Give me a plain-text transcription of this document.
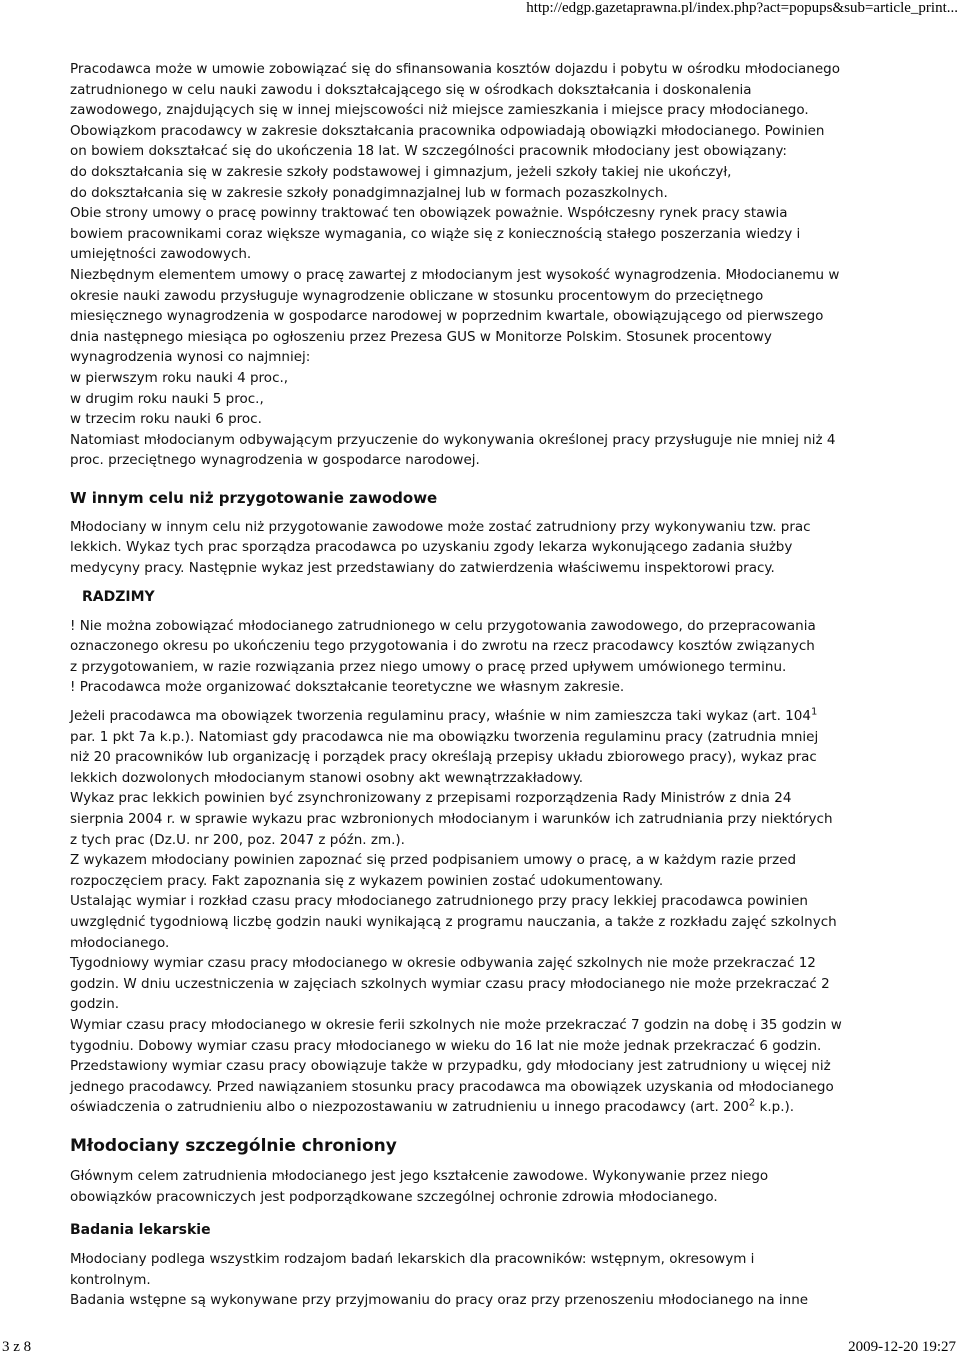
http://edgp.gazetaprawna.pl/index.php?act=popups&sub=article_print...

Pracodawca może w umowie zobowiązać się do sfinansowania kosztów dojazdu i pobytu w ośrodku młodocianego
zatrudnionego w celu nauki zawodu i dokształcającego się w ośrodkach dokształcania i doskonalenia
zawodowego, znajdujących się w innej miejscowości niż miejsce zamieszkania i miejsce pracy młodocianego.
Obowiązkom pracodawcy w zakresie dokształcania pracownika odpowiadają obowiązki młodocianego. Powinien
on bowiem dokształcać się do ukończenia 18 lat. W szczególności pracownik młodociany jest obowiązany:
do dokształcania się w zakresie szkoły podstawowej i gimnazjum, jeżeli szkoły takiej nie ukończył,
do dokształcania się w zakresie szkoły ponadgimnazjalnej lub w formach pozaszkolnych.
Obie strony umowy o pracę powinny traktować ten obowiązek poważnie. Współczesny rynek pracy stawia
bowiem pracownikami coraz większe wymagania, co wiąże się z koniecznością stałego poszerzania wiedzy i
umiejętności zawodowych.
Niezbędnym elementem umowy o pracę zawartej z młodocianym jest wysokość wynagrodzenia. Młodocianemu w
okresie nauki zawodu przysługuje wynagrodzenie obliczane w stosunku procentowym do przeciętnego
miesięcznego wynagrodzenia w gospodarce narodowej w poprzednim kwartale, obowiązującego od pierwszego
dnia następnego miesiąca po ogłoszeniu przez Prezesa GUS w Monitorze Polskim. Stosunek procentowy
wynagrodzenia wynosi co najmniej:
w pierwszym roku nauki 4 proc.,
w drugim roku nauki 5 proc.,
w trzecim roku nauki 6 proc.
Natomiast młodocianym odbywającym przyuczenie do wykonywania określonej pracy przysługuje nie mniej niż 4
proc. przeciętnego wynagrodzenia w gospodarce narodowej.

W innym celu niż przygotowanie zawodowe

Młodociany w innym celu niż przygotowanie zawodowe może zostać zatrudniony przy wykonywaniu tzw. prac
lekkich. Wykaz tych prac sporządza pracodawca po uzyskaniu zgody lekarza wykonującego zadania służby
medycyny pracy. Następnie wykaz jest przedstawiany do zatwierdzenia właściwemu inspektorowi pracy.

RADZIMY

! Nie można zobowiązać młodocianego zatrudnionego w celu przygotowania zawodowego, do przepracowania
oznaczonego okresu po ukończeniu tego przygotowania i do zwrotu na rzecz pracodawcy kosztów związanych
z przygotowaniem, w razie rozwiązania przez niego umowy o pracę przed upływem umówionego terminu.

! Pracodawca może organizować dokształcanie teoretyczne we własnym zakresie.

Jeżeli pracodawca ma obowiązek tworzenia regulaminu pracy, właśnie w nim zamieszcza taki wykaz (art. $104^1$
par. 1 pkt 7a k.p.). Natomiast gdy pracodawca nie ma obowiązku tworzenia regulaminu pracy (zatrudnia mniej
niż 20 pracowników lub organizację i porządek pracy określają przepisy układu zbiorowego pracy), wykaz prac
lekkich dozwolonych młodocianym stanowi osobny akt wewnątrzzakładowy.
Wykaz prac lekkich powinien być zsynchronizowany z przepisami rozporządzenia Rady Ministrów z dnia 24
sierpnia 2004 r. w sprawie wykazu prac wzbronionych młodocianym i warunków ich zatrudniania przy niektórych
z tych prac (Dz.U. nr 200, poz. 2047 z późn. zm.).
Z wykazem młodociany powinien zapoznać się przed podpisaniem umowy o pracę, a w każdym razie przed
rozpoczęciem pracy. Fakt zapoznania się z wykazem powinien zostać udokumentowany.
Ustalając wymiar i rozkład czasu pracy młodocianego zatrudnionego przy pracy lekkiej pracodawca powinien
uwzględnić tygodniową liczbę godzin nauki wynikającą z programu nauczania, a także z rozkładu zajęć szkolnych
młodocianego.
Tygodniowy wymiar czasu pracy młodocianego w okresie odbywania zajęć szkolnych nie może przekraczać 12
godzin. W dniu uczestniczenia w zajęciach szkolnych wymiar czasu pracy młodocianego nie może przekraczać 2
godzin.
Wymiar czasu pracy młodocianego w okresie ferii szkolnych nie może przekraczać 7 godzin na dobę i 35 godzin w
tygodniu. Dobowy wymiar czasu pracy młodocianego w wieku do 16 lat nie może jednak przekraczać 6 godzin.
Przedstawiony wymiar czasu pracy obowiązuje także w przypadku, gdy młodociany jest zatrudniony u więcej niż
jednego pracodawcy. Przed nawiązaniem stosunku pracy pracodawca ma obowiązek uzyskania od młodocianego
oświadczenia o zatrudnieniu albo o niezpozostawaniu w zatrudnieniu u innego pracodawcy (art. $200^2$ k.p.).

Młodociany szczególnie chroniony

Głównym celem zatrudnienia młodocianego jest jego kształcenie zawodowe. Wykonywanie przez niego
obowiązków pracowniczych jest podporządkowane szczególnej ochronie zdrowia młodocianego.

Badania lekarskie

Młodociany podlega wszystkim rodzajom badań lekarskich dla pracowników: wstępnym, okresowym i
kontrolnym.
Badania wstępne są wykonywane przy przyjmowaniu do pracy oraz przy przenoszeniu młodocianego na inne

3 z 8	2009-12-20 19:27
